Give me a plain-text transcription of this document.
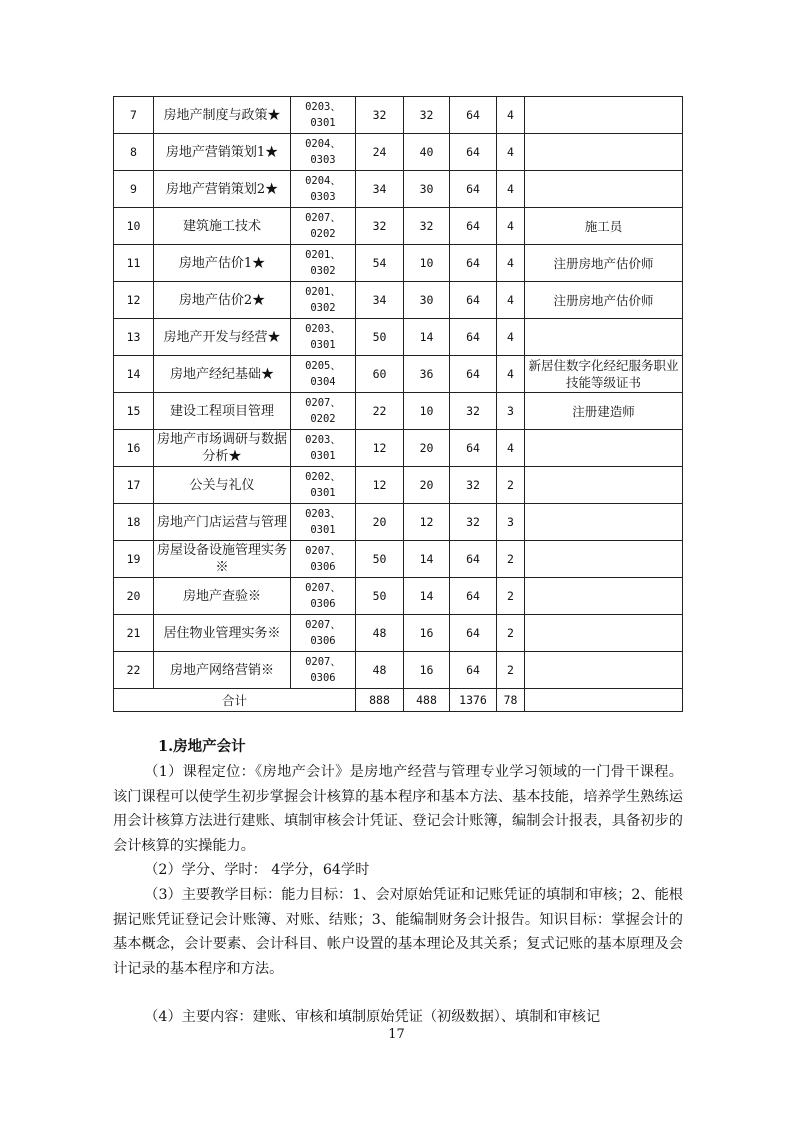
7	房地产制度与政策★	0203、
0301	32	32	64	4	
8	房地产营销策划1★	0204、
0303	24	40	64	4	
9	房地产营销策划2★	0204、
0303	34	30	64	4	
10	建筑施工技术	0207、
0202	32	32	64	4	施工员
11	房地产估价1★	0201、
0302	54	10	64	4	注册房地产估价师
12	房地产估价2★	0201、
0302	34	30	64	4	注册房地产估价师
13	房地产开发与经营★	0203、
0301	50	14	64	4	
14	房地产经纪基础★	0205、
0304	60	36	64	4	新居住数字化经纪服务职业技能等级证书
15	建设工程项目管理	0207、
0202	22	10	32	3	注册建造师
16	房地产市场调研与数据分析★	0203、
0301	12	20	64	4	
17	公关与礼仪	0202、
0301	12	20	32	2	
18	房地产门店运营与管理	0203、
0301	20	12	32	3	
19	房屋设备设施管理实务※	0207、
0306	50	14	64	2	
20	房地产查验※	0207、
0306	50	14	64	2	
21	居住物业管理实务※	0207、
0306	48	16	64	2	
22	房地产网络营销※	0207、
0306	48	16	64	2	
合计			888	488	1376	78	
1.房地产会计
（1）课程定位：《房地产会计》是房地产经营与管理专业学习领域的一门骨干课程。该门课程可以使学生初步掌握会计核算的基本程序和基本方法、基本技能，培养学生熟练运用会计核算方法进行建账、填制审核会计凭证、登记会计账簿，编制会计报表，具备初步的会计核算的实操能力。
（2）学分、学时： 4学分，64学时
（3）主要教学目标：能力目标：1、会对原始凭证和记账凭证的填制和审核；2、能根据记账凭证登记会计账簿、对账、结账；3、能编制财务会计报告。知识目标：掌握会计的基本概念，会计要素、会计科目、帐户设置的基本理论及其关系；复式记账的基本原理及会计记录的基本程序和方法。
（4）主要内容：建账、审核和填制原始凭证（初级数据）、填制和审核记
17
